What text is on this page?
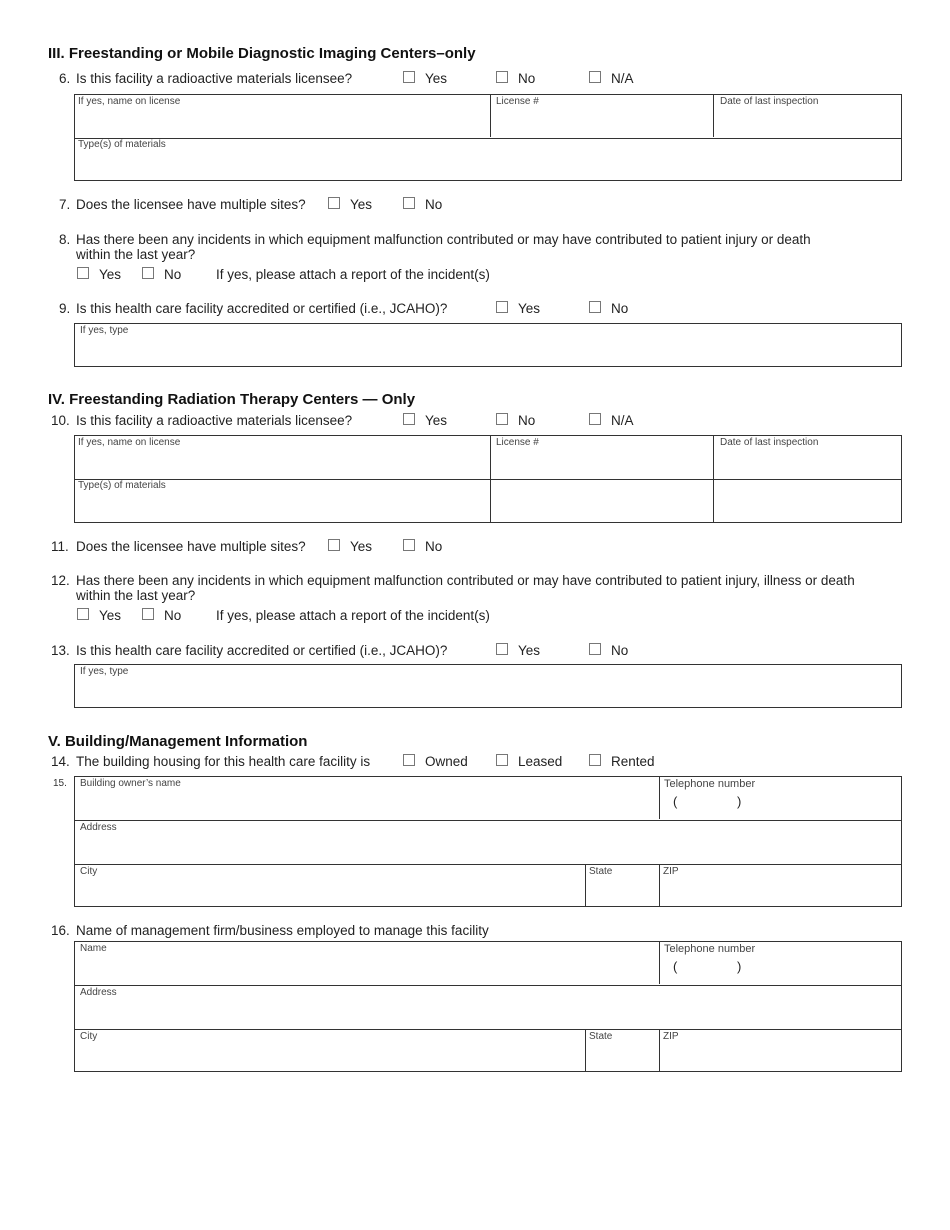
III. Freestanding or Mobile Diagnostic Imaging Centers–only
6. Is this facility a radioactive materials licensee?	Yes	No	N/A
If yes, name on license	License #	Date of last inspection
Type(s) of materials
7. Does the licensee have multiple sites?	Yes	No
8. Has there been any incidents in which equipment malfunction contributed or may have contributed to patient injury or death
within the last year?
Yes	No	If yes, please attach a report of the incident(s)
9. Is this health care facility accredited or certified (i.e., JCAHO)?	Yes	No
If yes, type
IV. Freestanding Radiation Therapy Centers — Only
10. Is this facility a radioactive materials licensee?	Yes	No	N/A
If yes, name on license	License #	Date of last inspection
Type(s) of materials
11. Does the licensee have multiple sites?	Yes	No
12. Has there been any incidents in which equipment malfunction contributed or may have contributed to patient injury, illness or death
within the last year?
Yes	No	If yes, please attach a report of the incident(s)
13. Is this health care facility accredited or certified (i.e., JCAHO)?	Yes	No
If yes, type
V. Building/Management Information
14. The building housing for this health care facility is	Owned	Leased	Rented
15. Building owner’s name	Telephone number
(	)
Address
City	State	ZIP
16. Name of management firm/business employed to manage this facility
Name	Telephone number
(	)
Address
City	State	ZIP
